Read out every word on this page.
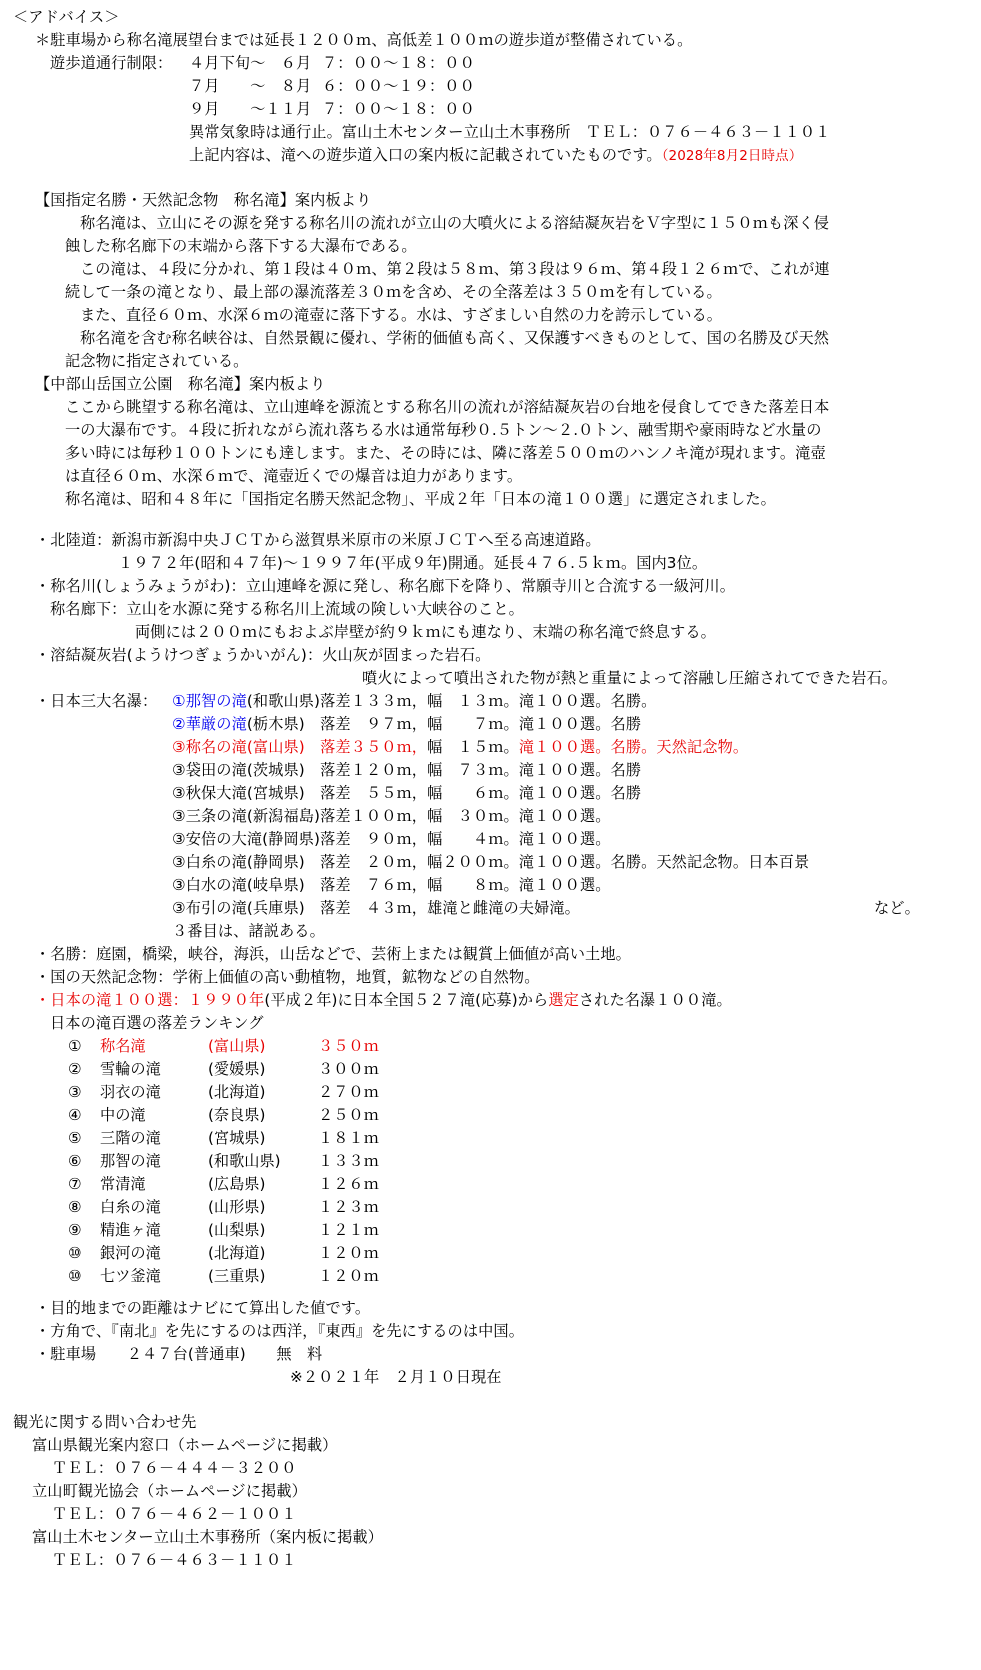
＜アドバイス＞
＊駐車場から称名滝展望台までは延長１２００ｍ、高低差１００ｍの遊歩道が整備されている。
遊歩道通行制限： ４月下旬～　６月 ７：００～１８：００
７月　　～　８月 ６：００～１９：００
９月　　～１１月 ７：００～１８：００
異常気象時は通行止。富山土木センター立山土木事務所　ＴＥＬ：０７６－４６３－１１０１
上記内容は、滝への遊歩道入口の案内板に記載されていたものです。（2028年8月2日時点）
【国指定名勝・天然記念物　称名滝】案内板より
称名滝は、立山にその源を発する称名川の流れが立山の大噴火による溶結凝灰岩をＶ字型に１５０ｍも深く侵
蝕した称名廊下の末端から落下する大瀑布である。
この滝は、４段に分かれ、第１段は４０ｍ、第２段は５８ｍ、第３段は９６ｍ、第４段１２６ｍで、これが連
続して一条の滝となり、最上部の瀑流落差３０ｍを含め、その全落差は３５０ｍを有している。
また、直径６０ｍ、水深６ｍの滝壺に落下する。水は、すざましい自然の力を誇示している。
称名滝を含む称名峡谷は、自然景観に優れ、学術的価値も高く、又保護すべきものとして、国の名勝及び天然
記念物に指定されている。
【中部山岳国立公園　称名滝】案内板より
ここから眺望する称名滝は、立山連峰を源流とする称名川の流れが溶結凝灰岩の台地を侵食してできた落差日本
一の大瀑布です。４段に折れながら流れ落ちる水は通常毎秒０.５トン～２.０トン、融雪期や豪雨時など水量の
多い時には毎秒１００トンにも達します。また、その時には、隣に落差５００ｍのハンノキ滝が現れます。滝壺
は直径６０ｍ、水深６ｍで、滝壺近くでの爆音は迫力があります。
称名滝は、昭和４８年に「国指定名勝天然記念物」、平成２年「日本の滝１００選」に選定されました。
・北陸道：新潟市新潟中央ＪＣＴから滋賀県米原市の米原ＪＣＴへ至る高速道路。
１９７２年(昭和４７年)～１９９７年(平成９年)開通。延長４７６.５ｋｍ。国内3位。
・称名川(しょうみょうがわ)：立山連峰を源に発し、称名廊下を降り、常願寺川と合流する一級河川。
称名廊下：立山を水源に発する称名川上流域の険しい大峡谷のこと。
両側には２００ｍにもおよぶ岸壁が約９ｋｍにも連なり、末端の称名滝で終息する。
・溶結凝灰岩(ようけつぎょうかいがん)：火山灰が固まった岩石。
噴火によって噴出された物が熱と重量によって溶融し圧縮されてできた岩石。
・日本三大名瀑： ①那智の滝(和歌山県)落差１３３ｍ，幅　１３ｍ。滝１００選。名勝。
②華厳の滝(栃木県)　落差　９７ｍ，幅　　７ｍ。滝１００選。名勝
③称名の滝(富山県)　落差３５０ｍ，幅　１５ｍ。滝１００選。名勝。天然記念物。
③袋田の滝(茨城県)　落差１２０ｍ，幅　７３ｍ。滝１００選。名勝
③秋保大滝(宮城県)　落差　５５ｍ，幅　　６ｍ。滝１００選。名勝
③三条の滝(新潟福島)落差１００ｍ，幅　３０ｍ。滝１００選。
③安倍の大滝(静岡県)落差　９０ｍ，幅　　４ｍ。滝１００選。
③白糸の滝(静岡県)　落差　２０ｍ，幅２００ｍ。滝１００選。名勝。天然記念物。日本百景
③白水の滝(岐阜県)　落差　７６ｍ，幅　　８ｍ。滝１００選。
③布引の滝(兵庫県)　落差　４３ｍ，雄滝と雌滝の夫婦滝。	など。
３番目は、諸説ある。
・名勝：庭園，橋梁，峡谷，海浜，山岳などで、芸術上または観賞上価値が高い土地。
・国の天然記念物：学術上価値の高い動植物，地質，鉱物などの自然物。
・日本の滝１００選：１９９０年(平成２年)に日本全国５２７滝(応募)から選定された名瀑１００滝。
日本の滝百選の落差ランキング
① 称名滝	(富山県)	３５０ｍ
② 雪輪の滝	(愛媛県)	３００ｍ
③ 羽衣の滝	(北海道)	２７０ｍ
④ 中の滝	(奈良県)	２５０ｍ
⑤ 三階の滝	(宮城県)	１８１ｍ
⑥ 那智の滝	(和歌山県) １３３ｍ
⑦ 常清滝	(広島県)	１２６ｍ
⑧ 白糸の滝	(山形県)	１２３ｍ
⑨ 精進ヶ滝	(山梨県)	１２１ｍ
⑩ 銀河の滝	(北海道)	１２０ｍ
⑩ 七ツ釜滝	(三重県)	１２０ｍ
・目的地までの距離はナビにて算出した値です。
・方角で、『南北』を先にするのは西洋，『東西』を先にするのは中国。
・駐車場　　２４７台(普通車)　　無　料
※２０２１年　２月１０日現在
観光に関する問い合わせ先
富山県観光案内窓口（ホームページに掲載）
ＴＥＬ：０７６－４４４－３２００
立山町観光協会（ホームページに掲載）
ＴＥＬ：０７６－４６２－１００１
富山土木センター立山土木事務所（案内板に掲載）
ＴＥＬ：０７６－４６３－１１０１
